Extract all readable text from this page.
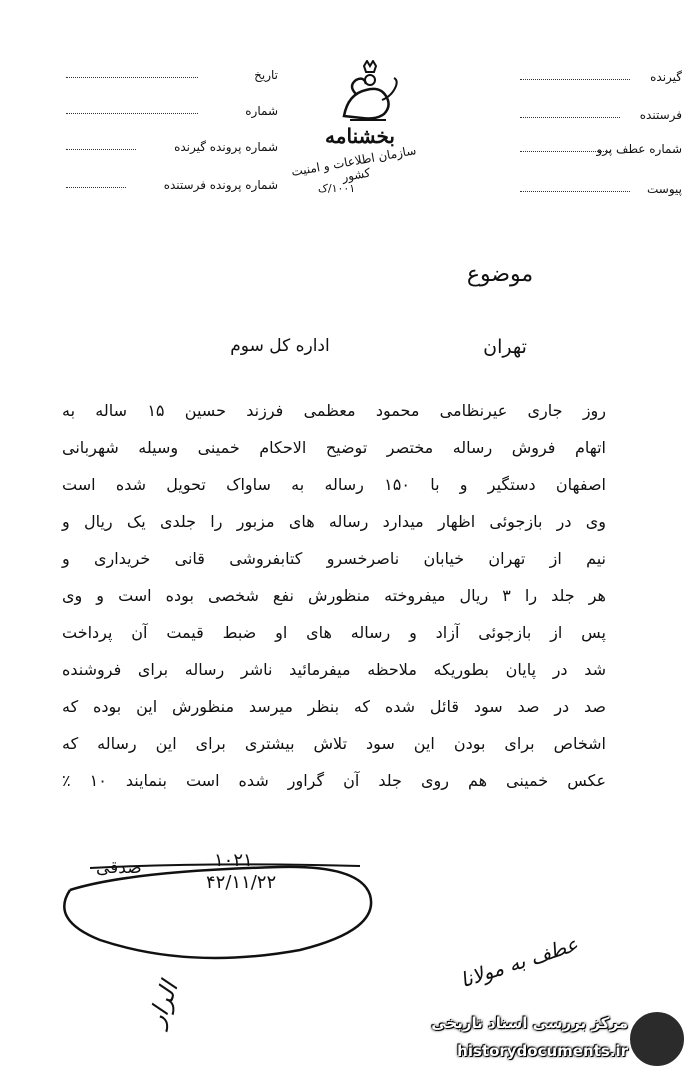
تاریخ
شماره
شماره پرونده گیرنده
شماره پرونده فرستنده
گیرنده
فرستنده
شماره عطف پرو
پیوست
بخشنامه
سازمان اطلاعات و امنیت کشور
۱۰۰۱/ک
موضوع
تهران
اداره کل سوم

روز جاری عیرنظامی محمود معظمی فرزند حسین ۱۵ ساله به

اتهام فروش رساله مختصر توضیح الاحکام خمینی وسیله شهربانی

اصفهان دستگیر و با ۱۵۰ رساله به ساواک تحویل شده است

وی در بازجوئی اظهار میدارد رساله های مزبور را جلدی یک ریال و

نیم از تهران خیابان ناصرخسرو کتابفروشی قانی خریداری و

هر جلد را ۳ ریال میفروخته منظورش نفع شخصی بوده است و وی

پس از بازجوئی آزاد و رساله های او ضبط قیمت آن پرداخت

شد در پایان بطوریکه ملاحظه میفرمائید ناشر رساله برای فروشنده

صد در صد سود قائل شده که بنظر میرسد منظورش این بوده که

اشخاص برای بودن این سود تلاش بیشتری برای این رساله که

عکس خمینی هم روی جلد آن گراور شده است بنمایند ۱۰ ٪

۱۰۲۱
صدقی
۴۲/۱۱/۲۲
عطف به مولانا
الرار	مرکز بررسی اسناد تاریخی
historydocuments.ir
